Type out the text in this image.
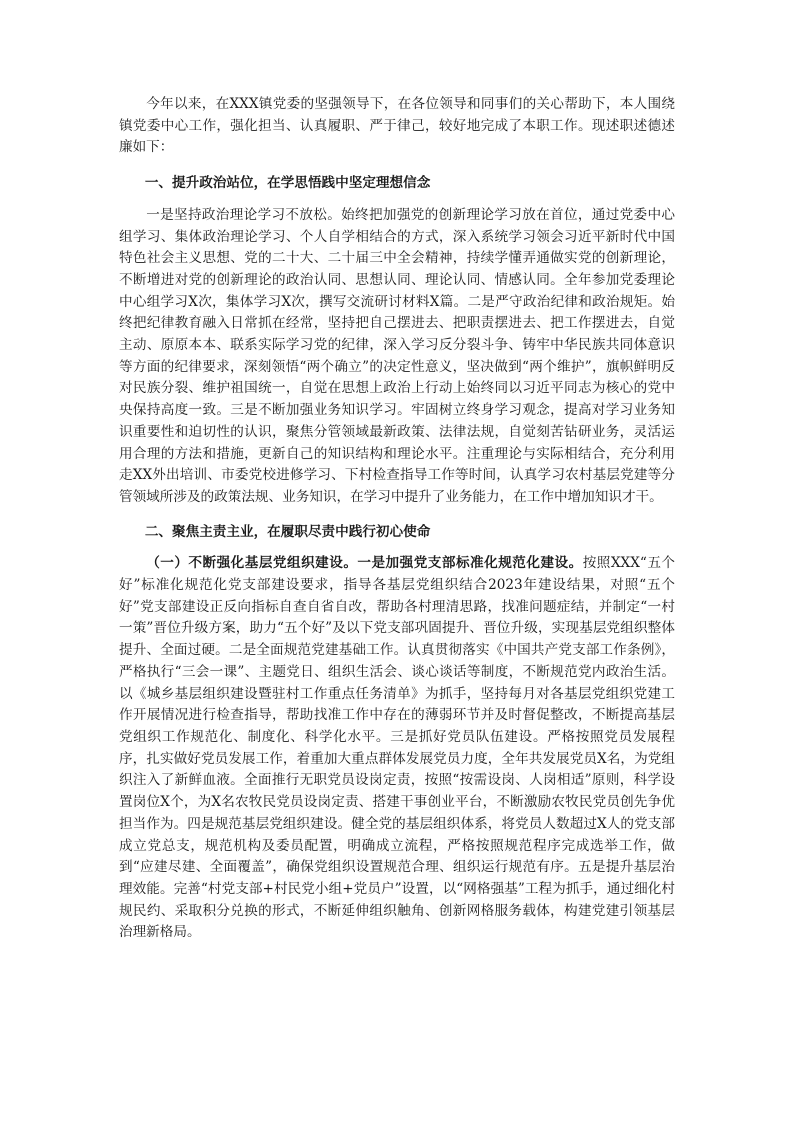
今年以来，在XXX镇党委的坚强领导下，在各位领导和同事们的关心帮助下，本人围绕镇党委中心工作，强化担当、认真履职、严于律己，较好地完成了本职工作。现述职述德述廉如下：

一、提升政治站位，在学思悟践中坚定理想信念

一是坚持政治理论学习不放松。始终把加强党的创新理论学习放在首位，通过党委中心组学习、集体政治理论学习、个人自学相结合的方式，深入系统学习领会习近平新时代中国特色社会主义思想、党的二十大、二十届三中全会精神，持续学懂弄通做实党的创新理论，不断增进对党的创新理论的政治认同、思想认同、理论认同、情感认同。全年参加党委理论中心组学习X次，集体学习X次，撰写交流研讨材料X篇。二是严守政治纪律和政治规矩。始终把纪律教育融入日常抓在经常，坚持把自己摆进去、把职责摆进去、把工作摆进去，自觉主动、原原本本、联系实际学习党的纪律，深入学习反分裂斗争、铸牢中华民族共同体意识等方面的纪律要求，深刻领悟“两个确立”的决定性意义，坚决做到“两个维护”，旗帜鲜明反对民族分裂、维护祖国统一，自觉在思想上政治上行动上始终同以习近平同志为核心的党中央保持高度一致。三是不断加强业务知识学习。牢固树立终身学习观念，提高对学习业务知识重要性和迫切性的认识，聚焦分管领域最新政策、法律法规，自觉刻苦钻研业务，灵活运用合理的方法和措施，更新自己的知识结构和理论水平。注重理论与实际相结合，充分利用走XX外出培训、市委党校进修学习、下村检查指导工作等时间，认真学习农村基层党建等分管领域所涉及的政策法规、业务知识，在学习中提升了业务能力，在工作中增加知识才干。

二、聚焦主责主业，在履职尽责中践行初心使命

（一）不断强化基层党组织建设。一是加强党支部标准化规范化建设。按照XXX“五个好”标准化规范化党支部建设要求，指导各基层党组织结合2023年建设结果，对照“五个好”党支部建设正反向指标自查自省自改，帮助各村理清思路，找准问题症结，并制定“一村一策”晋位升级方案，助力“五个好”及以下党支部巩固提升、晋位升级，实现基层党组织整体提升、全面过硬。二是全面规范党建基础工作。认真贯彻落实《中国共产党支部工作条例》，严格执行“三会一课”、主题党日、组织生活会、谈心谈话等制度，不断规范党内政治生活。以《城乡基层组织建设暨驻村工作重点任务清单》为抓手，坚持每月对各基层党组织党建工作开展情况进行检查指导，帮助找准工作中存在的薄弱环节并及时督促整改，不断提高基层党组织工作规范化、制度化、科学化水平。三是抓好党员队伍建设。严格按照党员发展程序，扎实做好党员发展工作，着重加大重点群体发展党员力度，全年共发展党员X名，为党组织注入了新鲜血液。全面推行无职党员设岗定责，按照“按需设岗、人岗相适”原则，科学设置岗位X个，为X名农牧民党员设岗定责、搭建干事创业平台，不断激励农牧民党员创先争优担当作为。四是规范基层党组织建设。健全党的基层组织体系，将党员人数超过X人的党支部成立党总支，规范机构及委员配置，明确成立流程，严格按照规范程序完成选举工作，做到“应建尽建、全面覆盖”，确保党组织设置规范合理、组织运行规范有序。五是提升基层治理效能。完善“村党支部+村民党小组+党员户”设置，以“网格强基”工程为抓手，通过细化村规民约、采取积分兑换的形式，不断延伸组织触角、创新网格服务载体，构建党建引领基层治理新格局。
